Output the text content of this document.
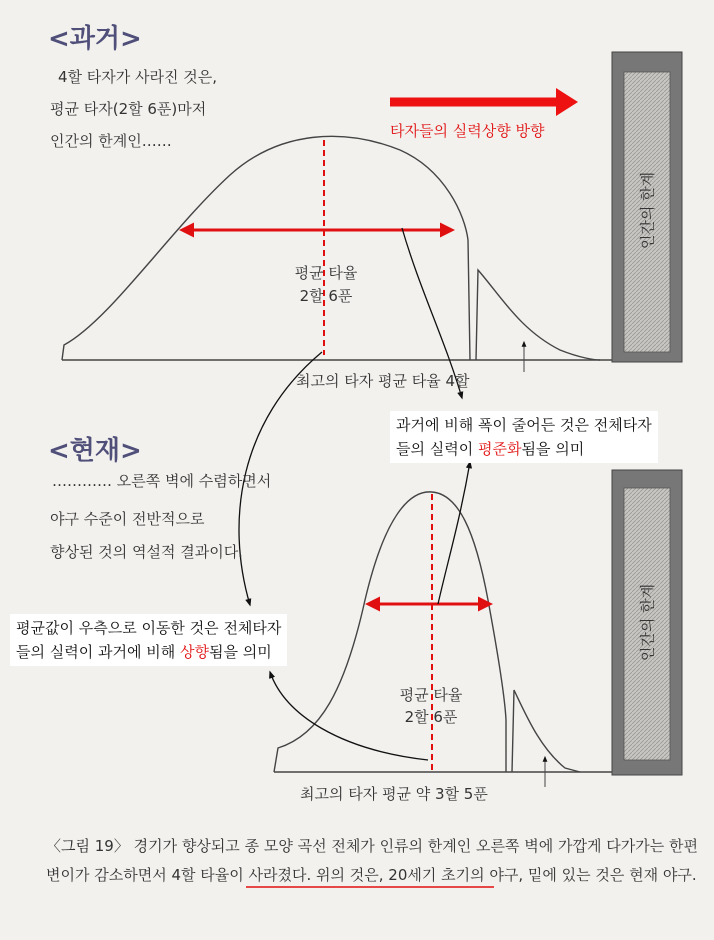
<과거>
4할 타자가 사라진 것은,
평균 타자(2할 6푼)마저
인간의 한계인……
타자들의 실력상향 방향
평균 타율
2할 6푼
최고의 타자 평균 타율 4할
인간의 한계
<현재>
………… 오른쪽 벽에 수렴하면서
야구 수준이 전반적으로
향상된 것의 역설적 결과이다.
평균 타율
2할 6푼
최고의 타자 평균 약 3할 5푼
인간의 한계
과거에 비해 폭이 줄어든 것은 전체타자
들의 실력이 평준화됨을 의미
평균값이 우측으로 이동한 것은 전체타자
들의 실력이 과거에 비해 상향됨을 의미
〈그림 19〉 경기가 향상되고 종 모양 곡선 전체가 인류의 한계인 오른쪽 벽에 가깝게 다가가는 한편 변이가 감소하면서 4할 타율이 사라졌다. 위의 것은, 20세기 초기의 야구, 밑에 있는 것은 현재 야구.
